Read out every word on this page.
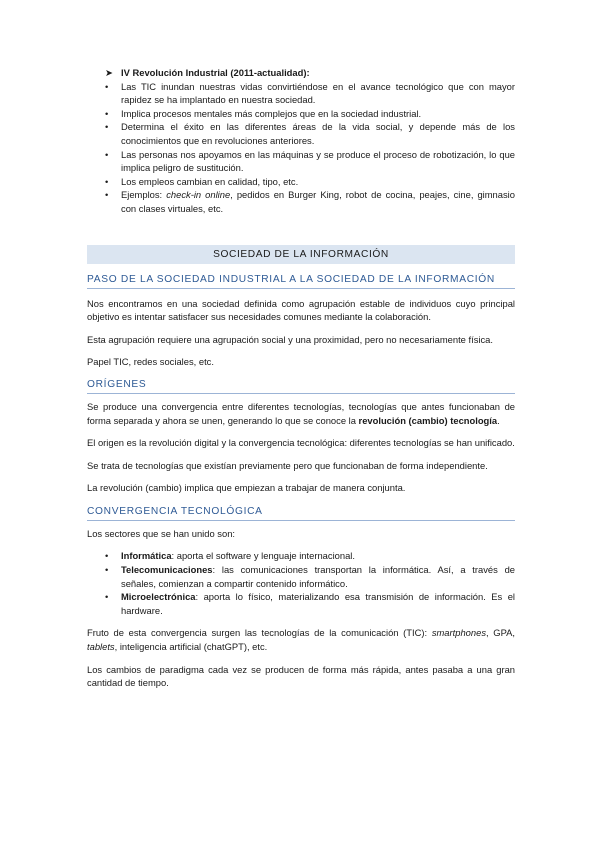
➤ IV Revolución Industrial (2011-actualidad):
•	Las TIC inundan nuestras vidas convirtiéndose en el avance tecnológico que con mayor rapidez se ha implantado en nuestra sociedad.
•	Implica procesos mentales más complejos que en la sociedad industrial.
•	Determina el éxito en las diferentes áreas de la vida social, y depende más de los conocimientos que en revoluciones anteriores.
•	Las personas nos apoyamos en las máquinas y se produce el proceso de robotización, lo que implica peligro de sustitución.
•	Los empleos cambian en calidad, tipo, etc.
•	Ejemplos: check-in online, pedidos en Burger King, robot de cocina, peajes, cine, gimnasio con clases virtuales, etc.
SOCIEDAD DE LA INFORMACIÓN
PASO DE LA SOCIEDAD INDUSTRIAL A LA SOCIEDAD DE LA INFORMACIÓN

Nos encontramos en una sociedad definida como agrupación estable de individuos cuyo principal objetivo es intentar satisfacer sus necesidades comunes mediante la colaboración.

Esta agrupación requiere una agrupación social y una proximidad, pero no necesariamente física.

Papel TIC, redes sociales, etc.

ORÍGENES

Se produce una convergencia entre diferentes tecnologías, tecnologías que antes funcionaban de forma separada y ahora se unen, generando lo que se conoce la revolución (cambio) tecnología.

El origen es la revolución digital y la convergencia tecnológica: diferentes tecnologías se han unificado.

Se trata de tecnologías que existían previamente pero que funcionaban de forma independiente.

La revolución (cambio) implica que empiezan a trabajar de manera conjunta.

CONVERGENCIA TECNOLÓGICA

Los sectores que se han unido son:

•	Informática: aporta el software y lenguaje internacional.
•	Telecomunicaciones: las comunicaciones transportan la informática. Así, a través de señales, comienzan a compartir contenido informático.
•	Microelectrónica: aporta lo físico, materializando esa transmisión de información. Es el hardware.

Fruto de esta convergencia surgen las tecnologías de la comunicación (TIC): smartphones, GPA, tablets, inteligencia artificial (chatGPT), etc.

Los cambios de paradigma cada vez se producen de forma más rápida, antes pasaba a una gran cantidad de tiempo.
